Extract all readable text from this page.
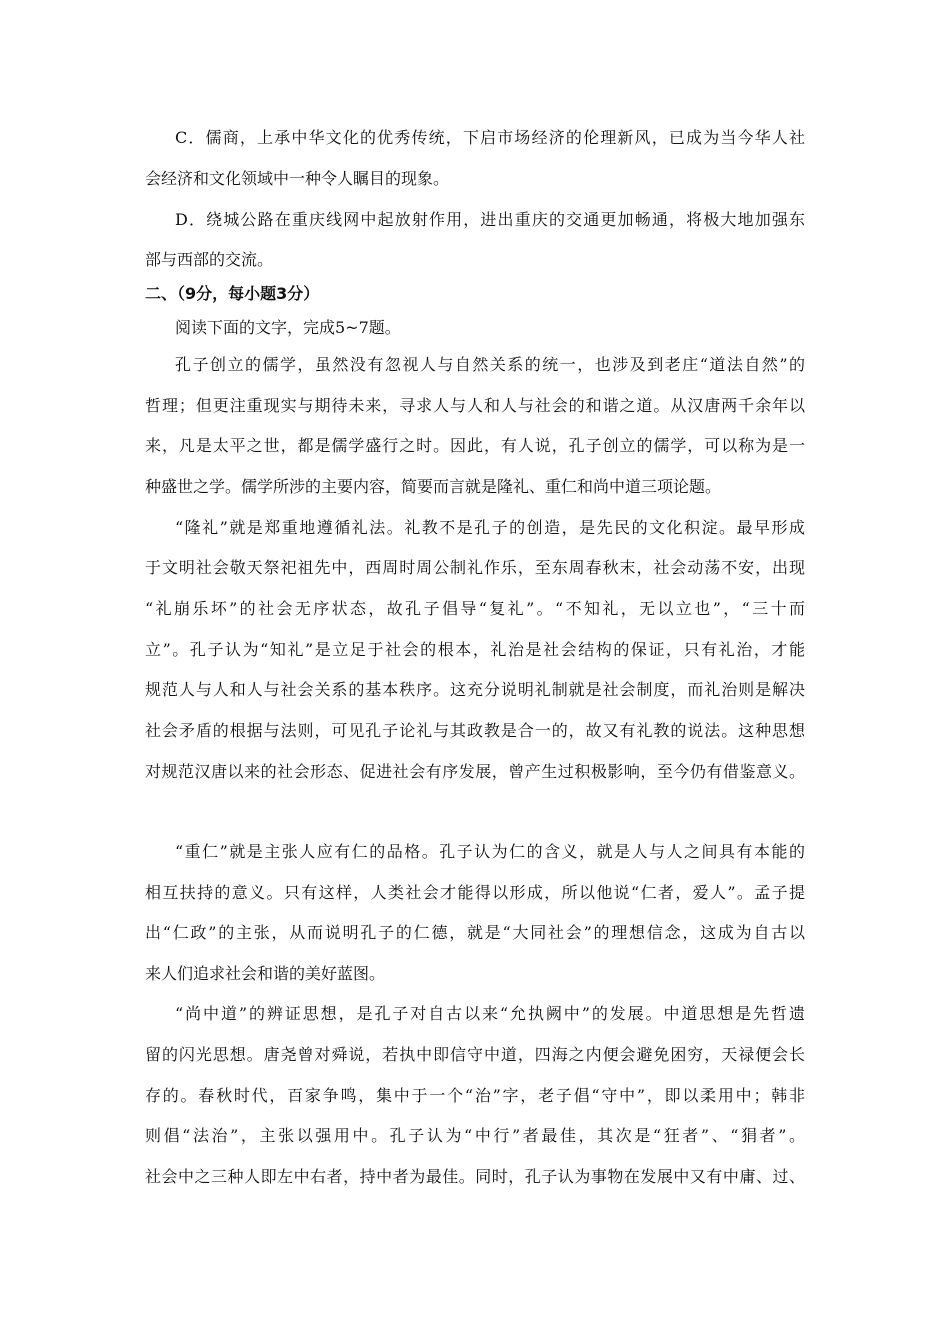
C．儒商，上承中华文化的优秀传统，下启市场经济的伦理新风，已成为当今华人社
会经济和文化领域中一种令人瞩目的现象。
D．绕城公路在重庆线网中起放射作用，进出重庆的交通更加畅通，将极大地加强东
部与西部的交流。
二、（9分，每小题3分）
阅读下面的文字，完成5~7题。
孔子创立的儒学，虽然没有忽视人与自然关系的统一，也涉及到老庄“道法自然”的
哲理；但更注重现实与期待未来，寻求人与人和人与社会的和谐之道。从汉唐两千余年以
来，凡是太平之世，都是儒学盛行之时。因此，有人说，孔子创立的儒学，可以称为是一
种盛世之学。儒学所涉的主要内容，简要而言就是隆礼、重仁和尚中道三项论题。
“隆礼”就是郑重地遵循礼法。礼教不是孔子的创造，是先民的文化积淀。最早形成
于文明社会敬天祭祀祖先中，西周时周公制礼作乐，至东周春秋末，社会动荡不安，出现
“礼崩乐坏”的社会无序状态，故孔子倡导“复礼”。“不知礼，无以立也”，“三十而
立”。孔子认为“知礼”是立足于社会的根本，礼治是社会结构的保证，只有礼治，才能
规范人与人和人与社会关系的基本秩序。这充分说明礼制就是社会制度，而礼治则是解决
社会矛盾的根据与法则，可见孔子论礼与其政教是合一的，故又有礼教的说法。这种思想
对规范汉唐以来的社会形态、促进社会有序发展，曾产生过积极影响，至今仍有借鉴意义。
“重仁”就是主张人应有仁的品格。孔子认为仁的含义，就是人与人之间具有本能的
相互扶持的意义。只有这样，人类社会才能得以形成，所以他说“仁者，爱人”。孟子提
出“仁政”的主张，从而说明孔子的仁德，就是“大同社会”的理想信念，这成为自古以
来人们追求社会和谐的美好蓝图。
“尚中道”的辨证思想，是孔子对自古以来“允执阙中”的发展。中道思想是先哲遗
留的闪光思想。唐尧曾对舜说，若执中即信守中道，四海之内便会避免困穷，天禄便会长
存的。春秋时代，百家争鸣，集中于一个“治”字，老子倡“守中”，即以柔用中；韩非
则倡“法治”，主张以强用中。孔子认为“中行”者最佳，其次是“狂者”、“狷者”。
社会中之三种人即左中右者，持中者为最佳。同时，孔子认为事物在发展中又有中庸、过、
